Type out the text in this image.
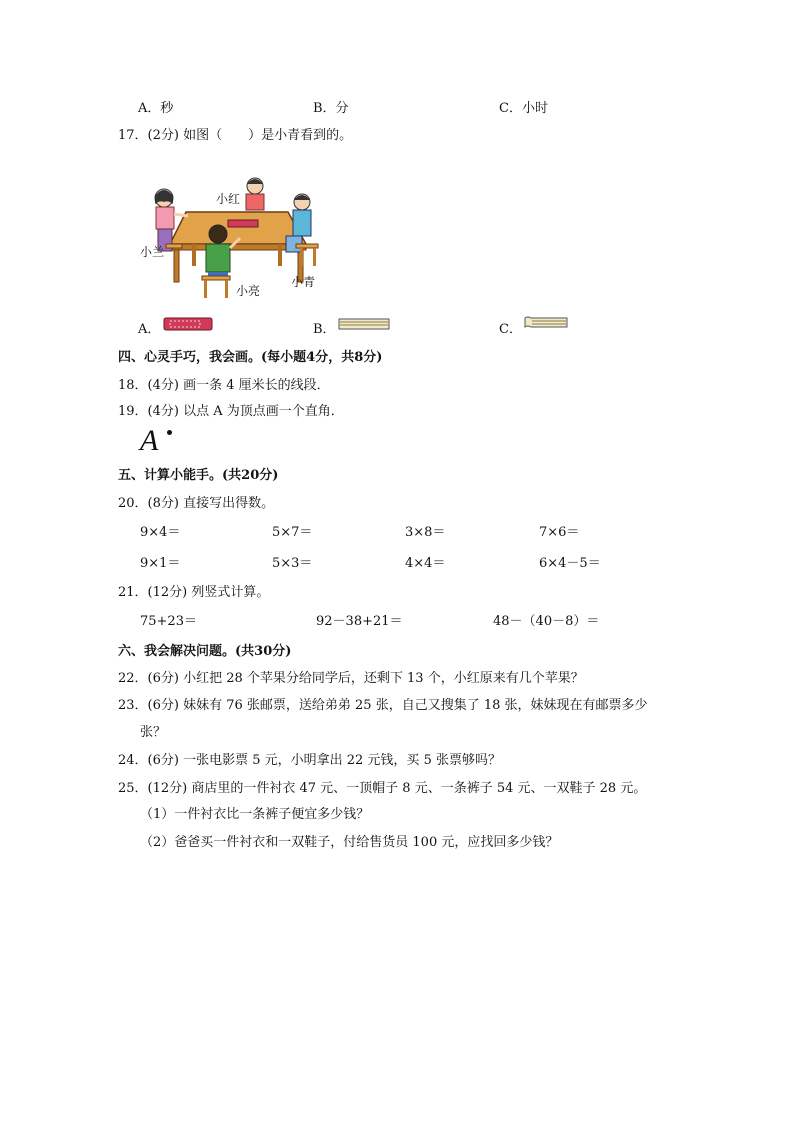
A．秒	B．分	C．小时
17．(2分) 如图（　　）是小青看到的。
小红
小兰
小亮
小青
A．	B．	C．
四、心灵手巧，我会画。(每小题4分，共8分)
18．(4分) 画一条 4 厘米长的线段．
19．(4分) 以点 A 为顶点画一个直角．
A
五、计算小能手。(共20分)
20．(8分) 直接写出得数。
9×4＝	5×7＝	3×8＝	7×6＝
9×1＝	5×3＝	4×4＝	6×4－5＝
21．(12分) 列竖式计算。
75+23＝	92－38+21＝	48－（40－8）＝
六、我会解决问题。(共30分)
22．(6分) 小红把 28 个苹果分给同学后，还剩下 13 个，小红原来有几个苹果？
23．(6分) 妹妹有 76 张邮票，送给弟弟 25 张，自己又搜集了 18 张，妹妹现在有邮票多少
张？
24．(6分) 一张电影票 5 元，小明拿出 22 元钱，买 5 张票够吗？
25．(12分) 商店里的一件衬衣 47 元、一顶帽子 8 元、一条裤子 54 元、一双鞋子 28 元。
（1）一件衬衣比一条裤子便宜多少钱？
（2）爸爸买一件衬衣和一双鞋子，付给售货员 100 元，应找回多少钱？
